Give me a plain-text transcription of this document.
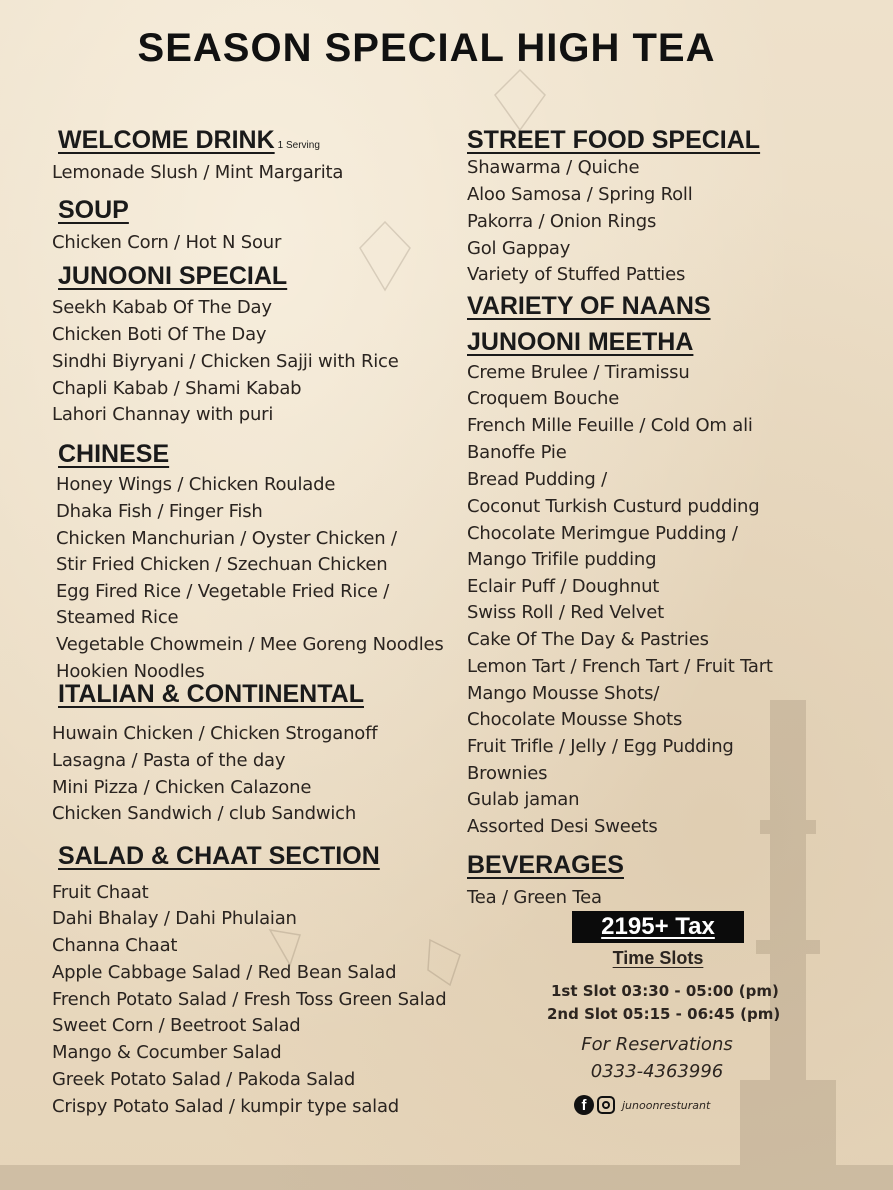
SEASON SPECIAL HIGH TEA
WELCOME DRINK 1 Serving
Lemonade Slush / Mint Margarita
SOUP
Chicken Corn / Hot N Sour
JUNOONI SPECIAL
Seekh Kabab Of The Day
Chicken Boti Of The Day
Sindhi Biyryani / Chicken Sajji with Rice
Chapli Kabab / Shami Kabab
Lahori Channay with puri
CHINESE
Honey Wings / Chicken Roulade
Dhaka Fish / Finger Fish
Chicken Manchurian / Oyster Chicken /
Stir Fried Chicken / Szechuan Chicken
Egg Fired Rice / Vegetable Fried Rice /
Steamed Rice
Vegetable Chowmein / Mee Goreng Noodles
Hookien Noodles
ITALIAN & CONTINENTAL
Huwain Chicken / Chicken Stroganoff
Lasagna / Pasta of the day
Mini Pizza / Chicken Calazone
Chicken Sandwich / club Sandwich
SALAD & CHAAT SECTION
Fruit Chaat
Dahi Bhalay / Dahi Phulaian
Channa Chaat
Apple Cabbage Salad / Red Bean Salad
French Potato Salad / Fresh Toss Green Salad
Sweet Corn / Beetroot Salad
Mango & Cocumber Salad
Greek Potato Salad / Pakoda Salad
Crispy Potato Salad / kumpir type salad
STREET FOOD SPECIAL
Shawarma / Quiche
Aloo Samosa / Spring Roll
Pakorra / Onion Rings
Gol Gappay
Variety of Stuffed Patties
VARIETY OF NAANS
JUNOONI MEETHA
Creme Brulee / Tiramissu
Croquem Bouche
French Mille Feuille / Cold Om ali
Banoffe Pie
Bread Pudding /
Coconut Turkish Custurd pudding
Chocolate Merimgue Pudding /
Mango Trifile pudding
Eclair Puff / Doughnut
Swiss Roll / Red Velvet
Cake Of The Day & Pastries
Lemon Tart / French Tart / Fruit Tart
Mango Mousse Shots/
Chocolate Mousse Shots
Fruit Trifle / Jelly / Egg Pudding
Brownies
Gulab jaman
Assorted Desi Sweets
BEVERAGES
Tea / Green Tea
2195+ Tax
Time Slots
1st Slot 03:30 - 05:00 (pm)
2nd Slot 05:15 - 06:45 (pm)
For Reservations
0333-4363996
f	junoonresturant
